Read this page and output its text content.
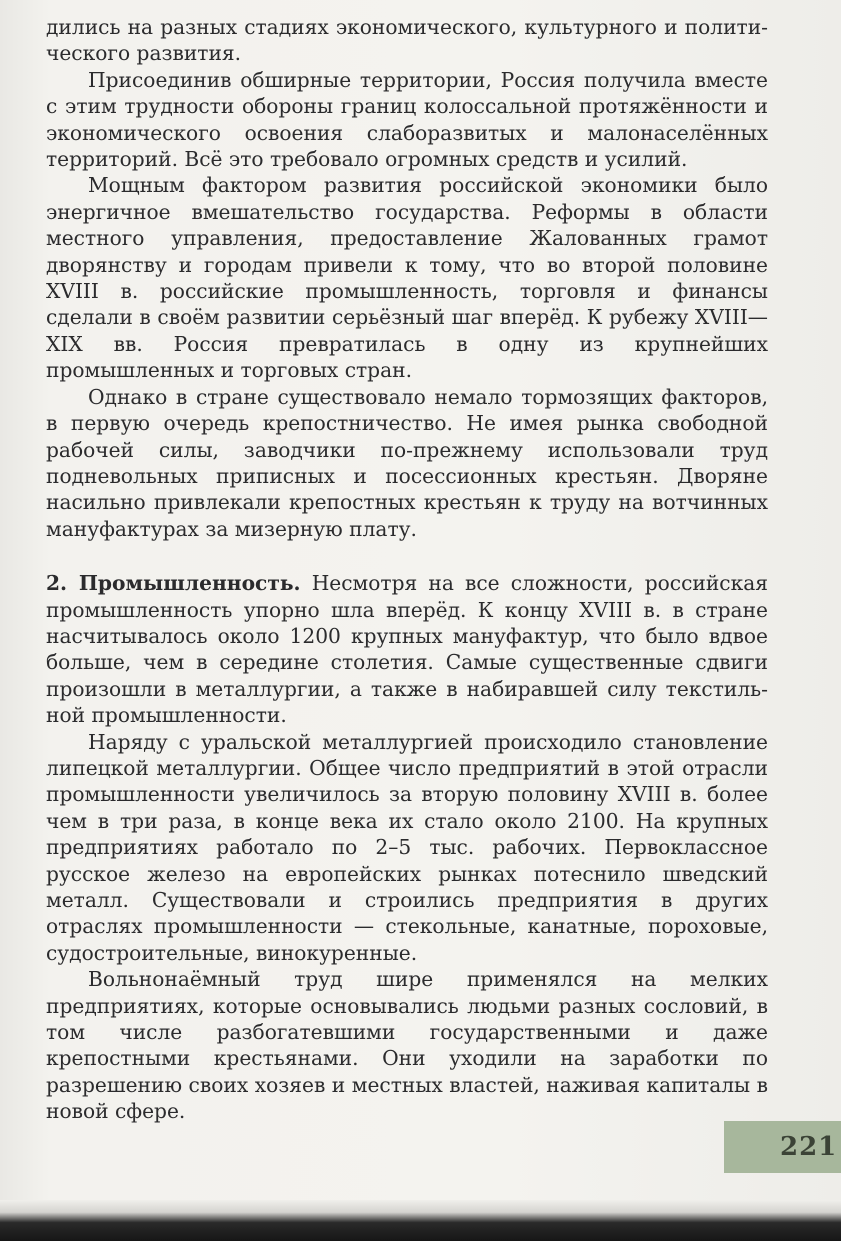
дились на разных стадиях экономического, культурного и политического развития.

Присоединив обширные территории, Россия получила вместе с этим трудности обороны границ колоссальной протяжённости и экономического освоения слаборазвитых и малонаселённых территорий. Всё это требовало огромных средств и усилий.

Мощным фактором развития российской экономики было энергичное вмешательство государства. Реформы в области местного управления, предоставление Жалованных грамот дворянству и городам привели к тому, что во второй половине XVIII в. российские промышленность, торговля и финансы сделали в своём развитии серьёзный шаг вперёд. К рубежу XVIII—XIX вв. Россия превратилась в одну из крупнейших промышленных и торговых стран.

Однако в стране существовало немало тормозящих факторов, в первую очередь крепостничество. Не имея рынка свободной рабочей силы, заводчики по-прежнему использовали труд подневольных приписных и посессионных крестьян. Дворяне насильно привлекали крепостных крестьян к труду на вотчинных мануфактурах за мизерную плату.

2. Промышленность. Несмотря на все сложности, российская промышленность упорно шла вперёд. К концу XVIII в. в стране насчитывалось около 1200 крупных мануфактур, что было вдвое больше, чем в середине столетия. Самые существенные сдвиги произошли в металлургии, а также в набиравшей силу текстильной промышленности.

Наряду с уральской металлургией происходило становление липецкой металлургии. Общее число предприятий в этой отрасли промышленности увеличилось за вторую половину XVIII в. более чем в три раза, в конце века их стало около 2100. На крупных предприятиях работало по 2–5 тыс. рабочих. Первоклассное русское железо на европейских рынках потеснило шведский металл. Существовали и строились предприятия в других отраслях промышленности — стекольные, канатные, пороховые, судостроительные, винокуренные.

Вольнонаёмный труд шире применялся на мелких предприятиях, которые основывались людьми разных сословий, в том числе разбогатевшими государственными и даже крепостными крестьянами. Они уходили на заработки по разрешению своих хозяев и местных властей, наживая капиталы в новой сфере.

221
